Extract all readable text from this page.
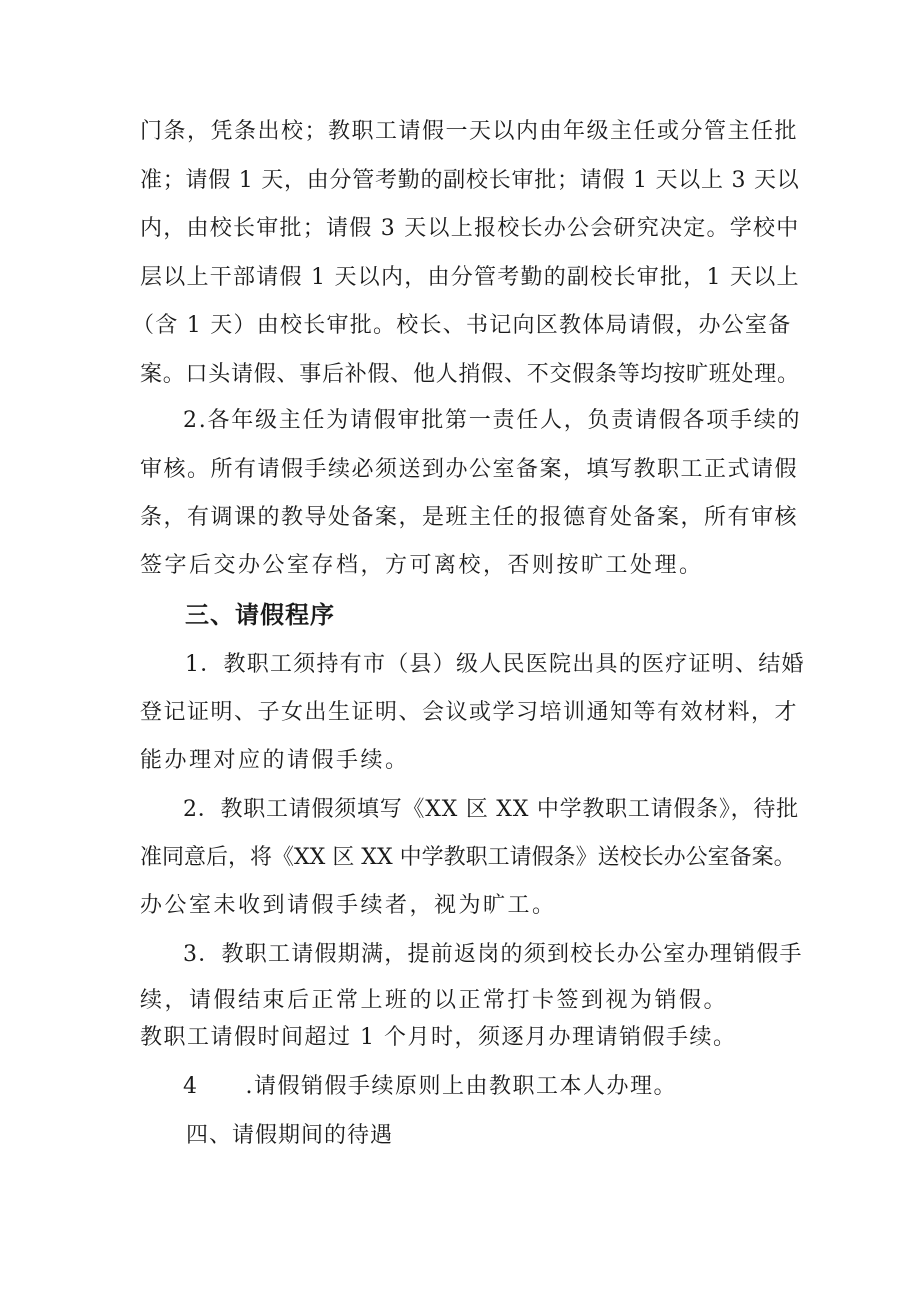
门条，凭条出校；教职工请假一天以内由年级主任或分管主任批
准；请假 1 天，由分管考勤的副校长审批；请假 1 天以上 3 天以
内，由校长审批；请假 3 天以上报校长办公会研究决定。学校中
层以上干部请假 1 天以内，由分管考勤的副校长审批，1 天以上
（含 1 天）由校长审批。校长、书记向区教体局请假，办公室备
案。口头请假、事后补假、他人捎假、不交假条等均按旷班处理。
2.各年级主任为请假审批第一责任人，负责请假各项手续的
审核。所有请假手续必须送到办公室备案，填写教职工正式请假
条，有调课的教导处备案，是班主任的报德育处备案，所有审核
签字后交办公室存档，方可离校，否则按旷工处理。
三、请假程序
1．教职工须持有市（县）级人民医院出具的医疗证明、结婚
登记证明、子女出生证明、会议或学习培训通知等有效材料，才
能办理对应的请假手续。
2．教职工请假须填写《XX 区 XX 中学教职工请假条》，待批
准同意后，将《XX 区 XX 中学教职工请假条》送校长办公室备案。
办公室未收到请假手续者，视为旷工。
3．教职工请假期满，提前返岗的须到校长办公室办理销假手
续，请假结束后正常上班的以正常打卡签到视为销假。
教职工请假时间超过 1 个月时，须逐月办理请销假手续。
4　　.请假销假手续原则上由教职工本人办理。
四、请假期间的待遇
